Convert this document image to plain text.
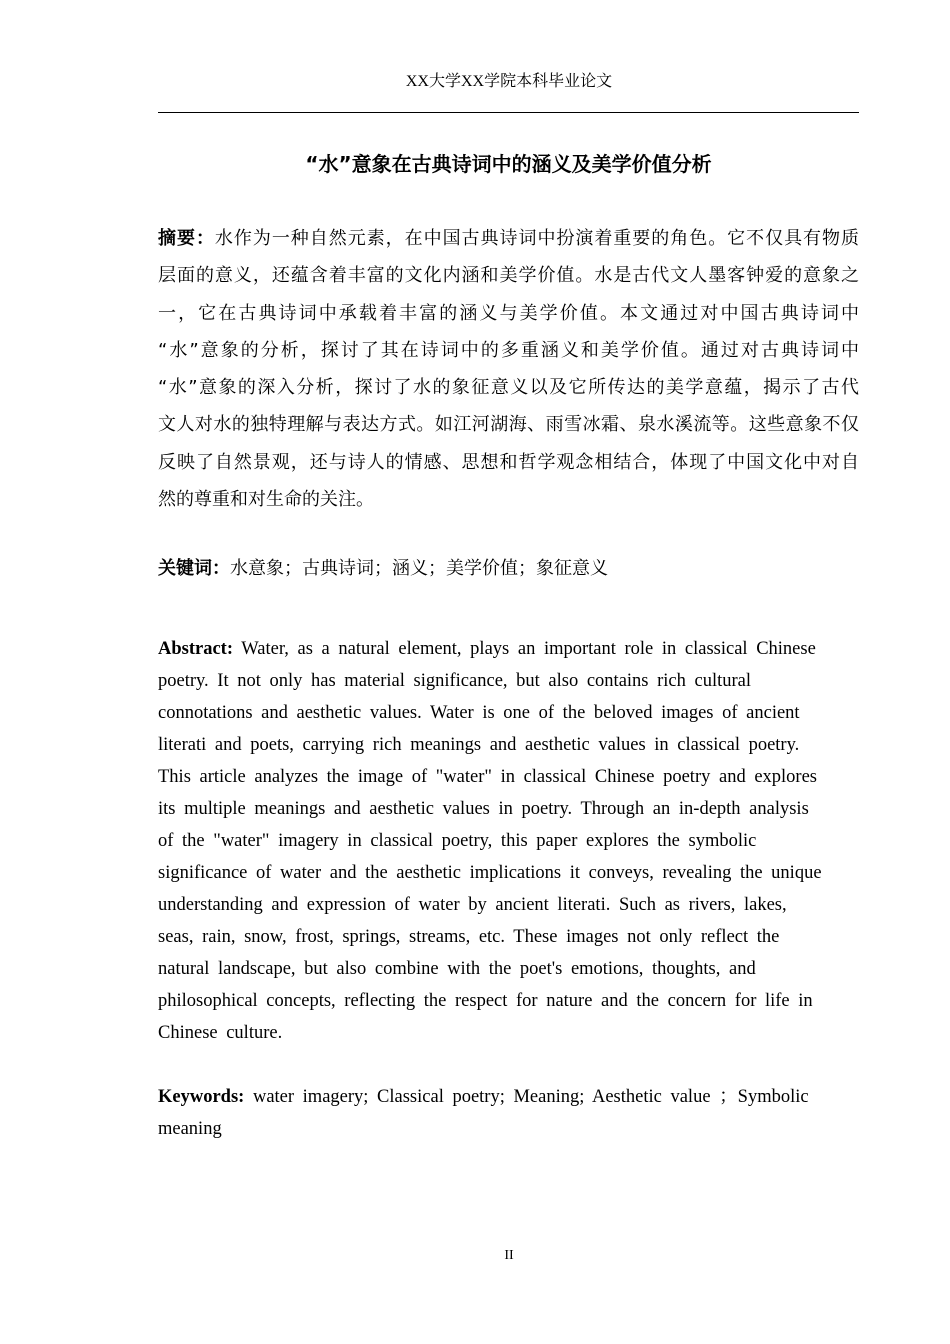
XX大学XX学院本科毕业论文
“水”意象在古典诗词中的涵义及美学价值分析
摘要：水作为一种自然元素，在中国古典诗词中扮演着重要的角色。它不仅具有物质
层面的意义，还蕴含着丰富的文化内涵和美学价值。水是古代文人墨客钟爱的意象之
一，它在古典诗词中承载着丰富的涵义与美学价值。本文通过对中国古典诗词中
“水”意象的分析，探讨了其在诗词中的多重涵义和美学价值。通过对古典诗词中
“水”意象的深入分析，探讨了水的象征意义以及它所传达的美学意蕴，揭示了古代
文人对水的独特理解与表达方式。如江河湖海、雨雪冰霜、泉水溪流等。这些意象不仅
反映了自然景观，还与诗人的情感、思想和哲学观念相结合，体现了中国文化中对自
然的尊重和对生命的关注。
关键词：水意象；古典诗词；涵义；美学价值；象征意义
Abstract: Water, as a natural element, plays an important role in classical Chinese
poetry. It not only has material significance, but also contains rich cultural
connotations and aesthetic values. Water is one of the beloved images of ancient
literati and poets, carrying rich meanings and aesthetic values in classical poetry.
This article analyzes the image of "water" in classical Chinese poetry and explores
its multiple meanings and aesthetic values in poetry. Through an in-depth analysis
of the "water" imagery in classical poetry, this paper explores the symbolic
significance of water and the aesthetic implications it conveys, revealing the unique
understanding and expression of water by ancient literati. Such as rivers, lakes,
seas, rain, snow, frost, springs, streams, etc. These images not only reflect the
natural landscape, but also combine with the poet's emotions, thoughts, and
philosophical concepts, reflecting the respect for nature and the concern for life in
Chinese culture.
Keywords: water imagery; Classical poetry; Meaning; Aesthetic value ；Symbolic
meaning
II
